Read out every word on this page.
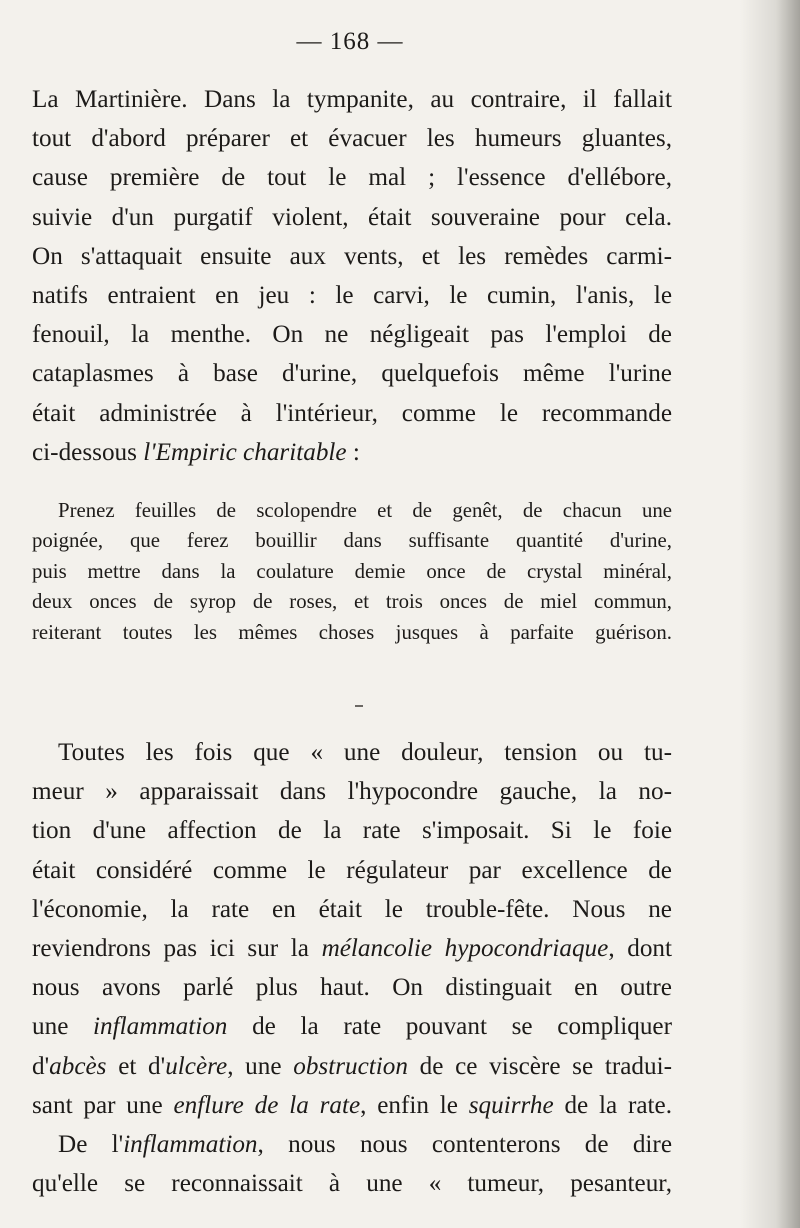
— 168 —
La Martinière. Dans la tympanite, au contraire, il fallait
tout d'abord préparer et évacuer les humeurs gluantes,
cause première de tout le mal ; l'essence d'ellébore,
suivie d'un purgatif violent, était souveraine pour cela.
On s'attaquait ensuite aux vents, et les remèdes carmi-
natifs entraient en jeu : le carvi, le cumin, l'anis, le
fenouil, la menthe. On ne négligeait pas l'emploi de
cataplasmes à base d'urine, quelquefois même l'urine
était administrée à l'intérieur, comme le recommande
ci-dessous l'Empiric charitable :
Prenez feuilles de scolopendre et de genêt, de chacun une
poignée, que ferez bouillir dans suffisante quantité d'urine,
puis mettre dans la coulature demie once de crystal minéral,
deux onces de syrop de roses, et trois onces de miel commun,
reiterant toutes les mêmes choses jusques à parfaite guérison.
Toutes les fois que « une douleur, tension ou tu-
meur » apparaissait dans l'hypocondre gauche, la no-
tion d'une affection de la rate s'imposait. Si le foie
était considéré comme le régulateur par excellence de
l'économie, la rate en était le trouble-fête. Nous ne
reviendrons pas ici sur la mélancolie hypocondriaque, dont
nous avons parlé plus haut. On distinguait en outre
une inflammation de la rate pouvant se compliquer
d'abcès et d'ulcère, une obstruction de ce viscère se tradui-
sant par une enflure de la rate, enfin le squirrhe de la rate.
De l'inflammation, nous nous contenterons de dire
qu'elle se reconnaissait à une « tumeur, pesanteur,
